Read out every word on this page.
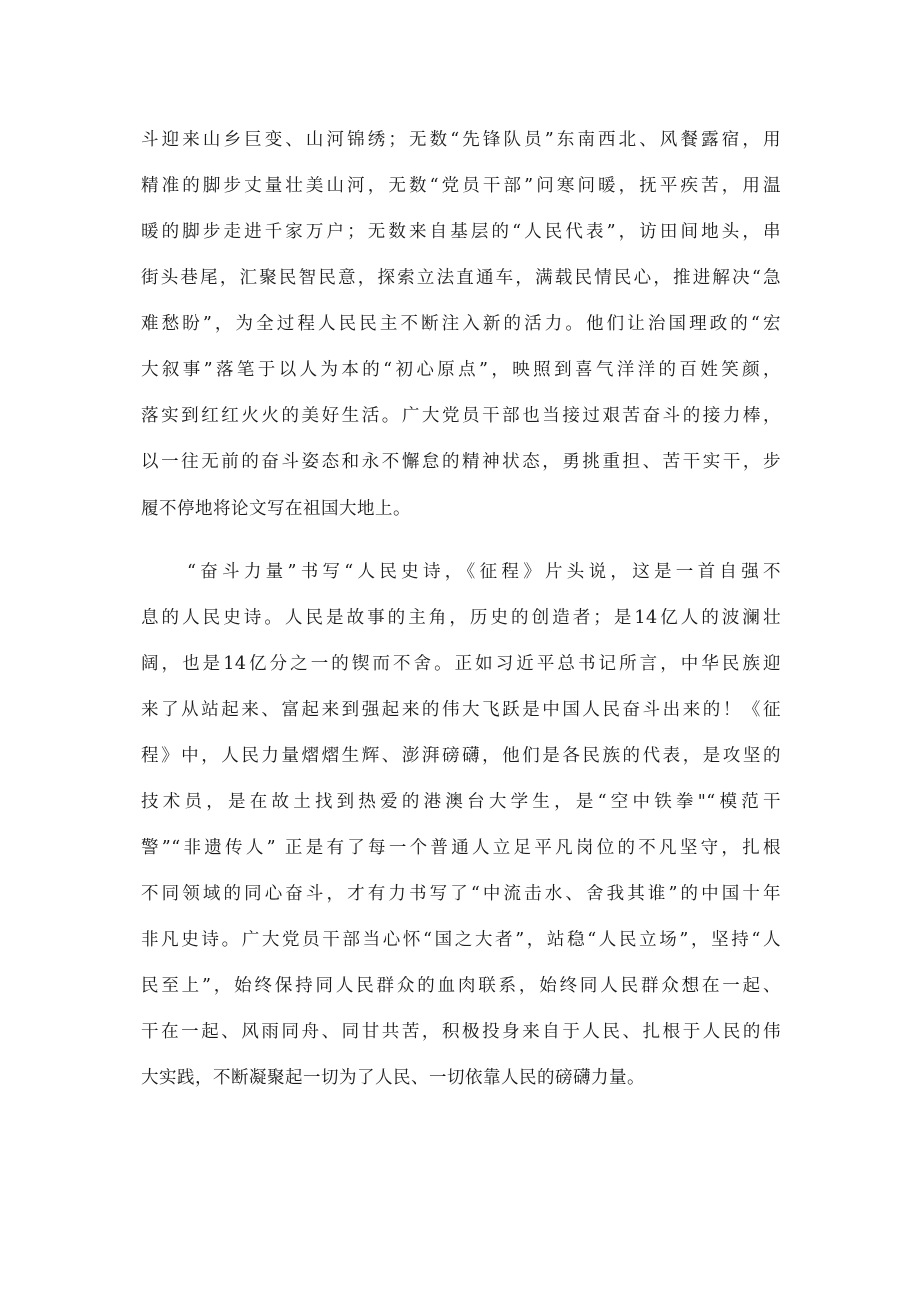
斗迎来山乡巨变、山河锦绣；无数“先锋队员”东南西北、风餐露宿，用

精准的脚步丈量壮美山河，无数“党员干部”问寒问暖，抚平疾苦，用温

暖的脚步走进千家万户；无数来自基层的“人民代表”，访田间地头，串

街头巷尾，汇聚民智民意，探索立法直通车，满载民情民心，推进解决“急

难愁盼”，为全过程人民民主不断注入新的活力。他们让治国理政的“宏

大叙事”落笔于以人为本的“初心原点”，映照到喜气洋洋的百姓笑颜，

落实到红红火火的美好生活。广大党员干部也当接过艰苦奋斗的接力棒，

以一往无前的奋斗姿态和永不懈怠的精神状态，勇挑重担、苦干实干，步

履不停地将论文写在祖国大地上。

“奋斗力量”书写“人民史诗，《征程》片头说，这是一首自强不

息的人民史诗。人民是故事的主角，历史的创造者；是14亿人的波澜壮

阔，也是14亿分之一的锲而不舍。正如习近平总书记所言，中华民族迎

来了从站起来、富起来到强起来的伟大飞跃是中国人民奋斗出来的！《征

程》中，人民力量熠熠生辉、澎湃磅礴，他们是各民族的代表，是攻坚的

技术员，是在故土找到热爱的港澳台大学生，是“空中铁拳"“模范干

警”“非遗传人” 正是有了每一个普通人立足平凡岗位的不凡坚守，扎根

不同领域的同心奋斗，才有力书写了“中流击水、舍我其谁”的中国十年

非凡史诗。广大党员干部当心怀“国之大者”，站稳“人民立场”，坚持“人

民至上”，始终保持同人民群众的血肉联系，始终同人民群众想在一起、

干在一起、风雨同舟、同甘共苦，积极投身来自于人民、扎根于人民的伟

大实践，不断凝聚起一切为了人民、一切依靠人民的磅礴力量。
